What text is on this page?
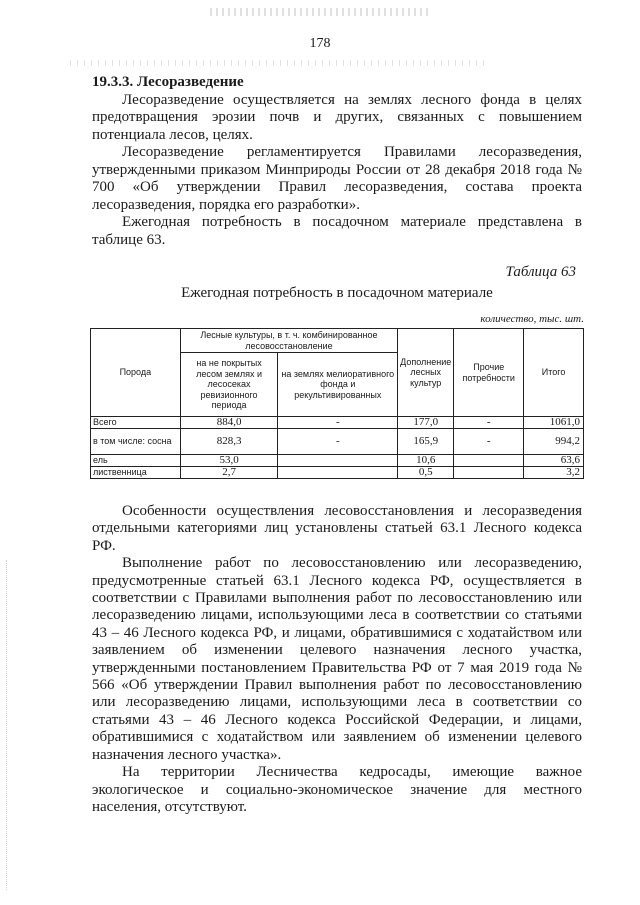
178
19.3.3. Лесоразведение

Лесоразведение осуществляется на землях лесного фонда в целях предотвращения эрозии почв и других, связанных с повышением потенциала лесов, целях.

Лесоразведение регламентируется Правилами лесоразведения, утвержденными приказом Минприроды России от 28 декабря 2018 года № 700 «Об утверждении Правил лесоразведения, состава проекта лесоразведения, порядка его разработки».

Ежегодная потребность в посадочном материале представлена в таблице 63.

Таблица 63
Ежегодная потребность в посадочном материале
количество, тыс. шт.
Порода	Лесные культуры, в т. ч. комбинированное лесовосстановление		Дополнение лесных культур	Прочие потребности	Итого
	на не покрытых лесом землях и лесосеках ревизионного периода	на землях мелиоративного фонда и рекультивированных			
Всего	884,0	-	177,0	-	1061,0
в том числе: сосна	828,3	-	165,9	-	994,2
ель	53,0		10,6		63,6
лиственница	2,7		0,5		3,2

Особенности осуществления лесовосстановления и лесоразведения отдельными категориями лиц установлены статьей 63.1 Лесного кодекса РФ.

Выполнение работ по лесовосстановлению или лесоразведению, предусмотренные статьей 63.1 Лесного кодекса РФ, осуществляется в соответствии с Правилами выполнения работ по лесовосстановлению или лесоразведению лицами, использующими леса в соответствии со статьями 43 – 46 Лесного кодекса РФ, и лицами, обратившимися с ходатайством или заявлением об изменении целевого назначения лесного участка, утвержденными постановлением Правительства РФ от 7 мая 2019 года № 566 «Об утверждении Правил выполнения работ по лесовосстановлению или лесоразведению лицами, использующими леса в соответствии со статьями 43 – 46 Лесного кодекса Российской Федерации, и лицами, обратившимися с ходатайством или заявлением об изменении целевого назначения лесного участка».

На территории Лесничества кедросады, имеющие важное экологическое и социально-экономическое значение для местного населения, отсутствуют.
